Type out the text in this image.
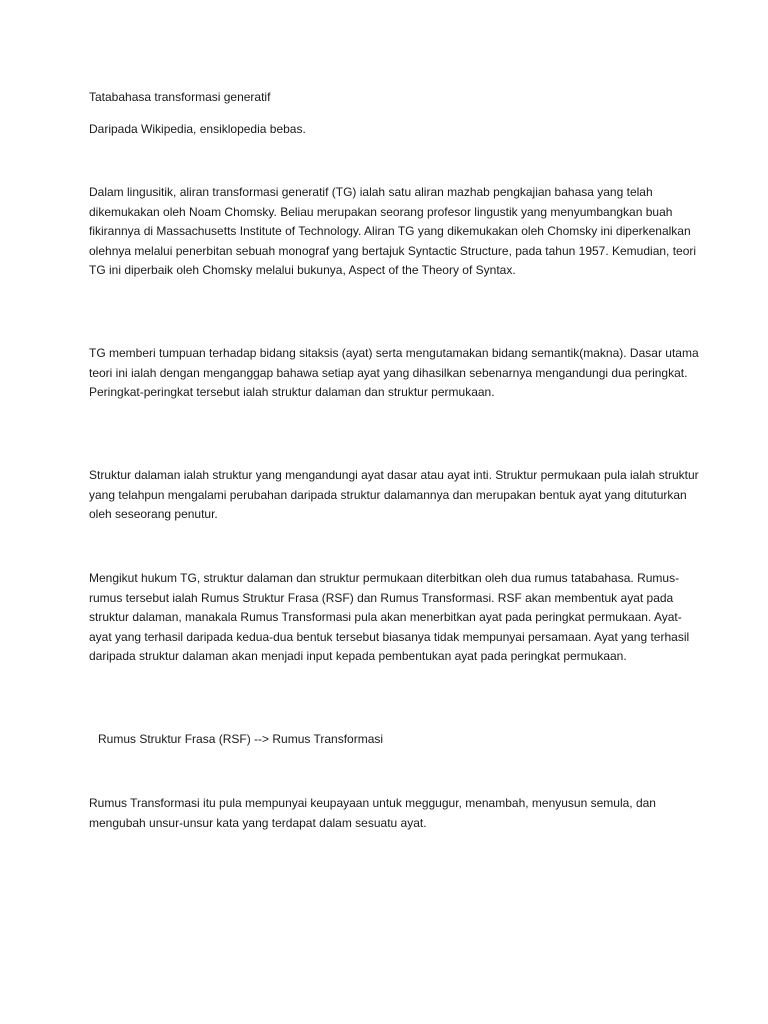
Tatabahasa transformasi generatif

Daripada Wikipedia, ensiklopedia bebas.

Dalam lingusitik, aliran transformasi generatif (TG) ialah satu aliran mazhab pengkajian bahasa yang telah dikemukakan oleh Noam Chomsky. Beliau merupakan seorang profesor lingustik yang menyumbangkan buah fikirannya di Massachusetts Institute of Technology. Aliran TG yang dikemukakan oleh Chomsky ini diperkenalkan olehnya melalui penerbitan sebuah monograf yang bertajuk Syntactic Structure, pada tahun 1957. Kemudian, teori TG ini diperbaik oleh Chomsky melalui bukunya, Aspect of the Theory of Syntax.

TG memberi tumpuan terhadap bidang sitaksis (ayat) serta mengutamakan bidang semantik(makna). Dasar utama teori ini ialah dengan menganggap bahawa setiap ayat yang dihasilkan sebenarnya mengandungi dua peringkat. Peringkat-peringkat tersebut ialah struktur dalaman dan struktur permukaan.

Struktur dalaman ialah struktur yang mengandungi ayat dasar atau ayat inti. Struktur permukaan pula ialah struktur yang telahpun mengalami perubahan daripada struktur dalamannya dan merupakan bentuk ayat yang dituturkan oleh seseorang penutur.

Mengikut hukum TG, struktur dalaman dan struktur permukaan diterbitkan oleh dua rumus tatabahasa. Rumus-rumus tersebut ialah Rumus Struktur Frasa (RSF) dan Rumus Transformasi. RSF akan membentuk ayat pada struktur dalaman, manakala Rumus Transformasi pula akan menerbitkan ayat pada peringkat permukaan. Ayat-ayat yang terhasil daripada kedua-dua bentuk tersebut biasanya tidak mempunyai persamaan. Ayat yang terhasil daripada struktur dalaman akan menjadi input kepada pembentukan ayat pada peringkat permukaan.

Rumus Struktur Frasa (RSF) --> Rumus Transformasi

Rumus Transformasi itu pula mempunyai keupayaan untuk meggugur, menambah, menyusun semula, dan mengubah unsur-unsur kata yang terdapat dalam sesuatu ayat.
